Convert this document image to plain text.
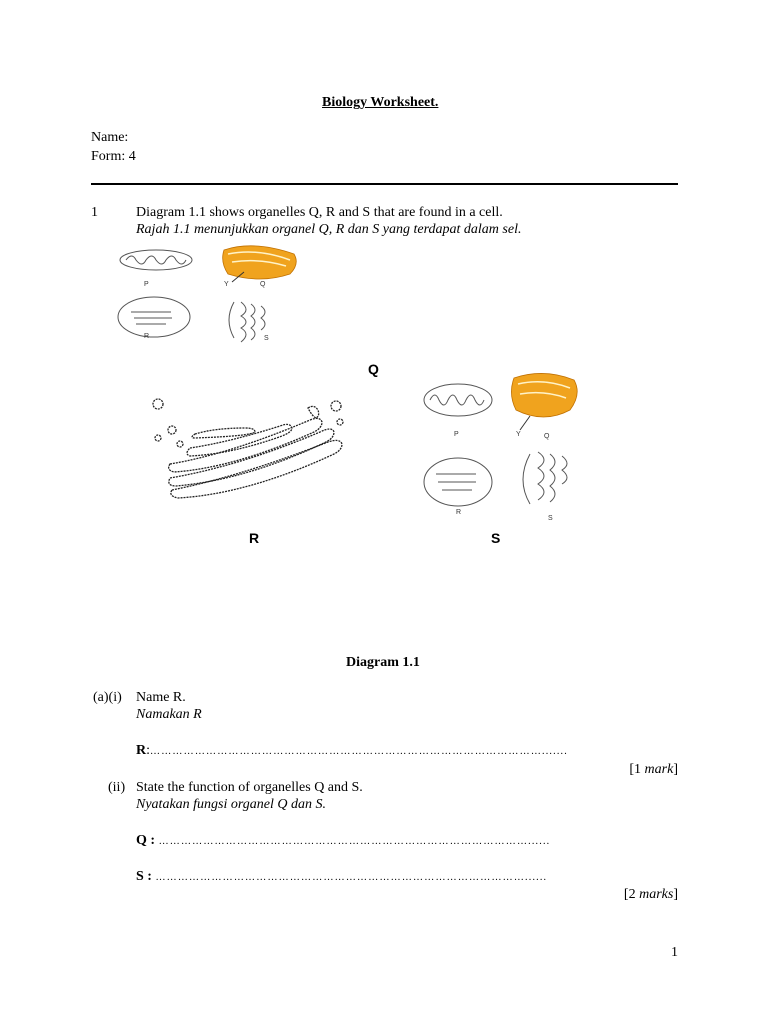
Biology Worksheet.
Name:
Form: 4
1	Diagram 1.1 shows organelles Q, R and S that are found in a cell.
Rajah 1.1 menunjukkan organel Q, R dan S yang terdapat dalam sel.
P	Y	Q
R	S
Q
P	Y	Q
R
S
R	S
Diagram 1.1
(a)(i) Name R.
Namakan R
R:…………………………………………………………………………………………….......
[1 mark]
(ii) State the function of organelles Q and S.
Nyatakan fungsi organel Q dan S.
Q : ………………………………………………………………………………………......
S : ………………………………………………………………………………………......
[2 marks]
1
